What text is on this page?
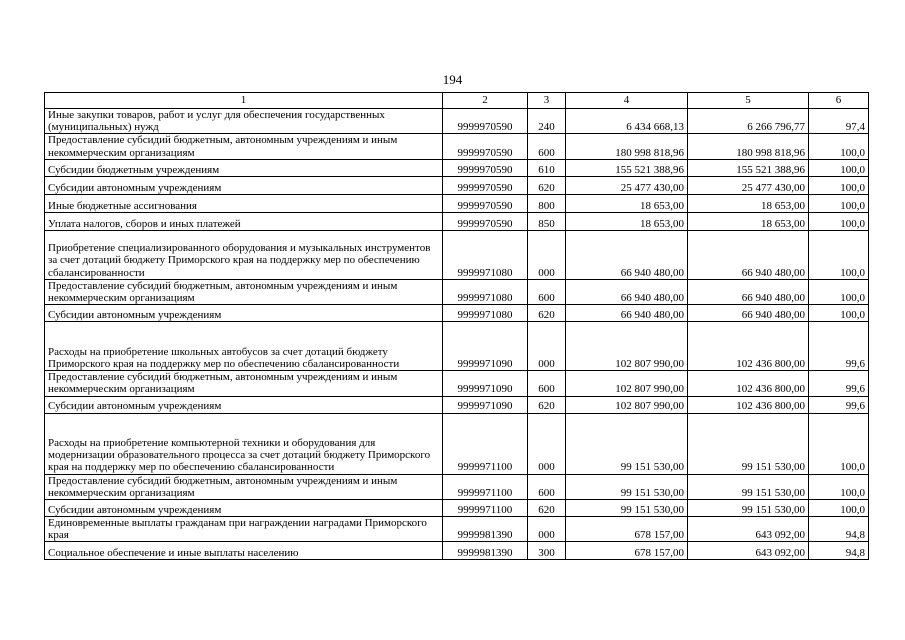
194
1	2	3	4	5	6
Иные закупки товаров, работ и услуг для обеспечения государственных (муниципальных) нужд	9999970590	240	6 434 668,13	6 266 796,77	97,4
Предоставление субсидий бюджетным, автономным учреждениям и иным некоммерческим организациям	9999970590	600	180 998 818,96	180 998 818,96	100,0
Субсидии бюджетным учреждениям	9999970590	610	155 521 388,96	155 521 388,96	100,0
Субсидии автономным учреждениям	9999970590	620	25 477 430,00	25 477 430,00	100,0
Иные бюджетные ассигнования	9999970590	800	18 653,00	18 653,00	100,0
Уплата налогов, сборов и иных платежей	9999970590	850	18 653,00	18 653,00	100,0
Приобретение специализированного оборудования и музыкальных инструментов за счет дотаций бюджету Приморского края на поддержку мер по обеспечению сбалансированности	9999971080	000	66 940 480,00	66 940 480,00	100,0
Предоставление субсидий бюджетным, автономным учреждениям и иным некоммерческим организациям	9999971080	600	66 940 480,00	66 940 480,00	100,0
Субсидии автономным учреждениям	9999971080	620	66 940 480,00	66 940 480,00	100,0
Расходы на приобретение школьных автобусов за счет дотаций бюджету Приморского края на поддержку мер по обеспечению сбалансированности	9999971090	000	102 807 990,00	102 436 800,00	99,6
Предоставление субсидий бюджетным, автономным учреждениям и иным некоммерческим организациям	9999971090	600	102 807 990,00	102 436 800,00	99,6
Субсидии автономным учреждениям	9999971090	620	102 807 990,00	102 436 800,00	99,6
Расходы на приобретение компьютерной техники и оборудования для модернизации образовательного процесса за счет дотаций бюджету Приморского края на поддержку мер по обеспечению сбалансированности	9999971100	000	99 151 530,00	99 151 530,00	100,0
Предоставление субсидий бюджетным, автономным учреждениям и иным некоммерческим организациям	9999971100	600	99 151 530,00	99 151 530,00	100,0
Субсидии автономным учреждениям	9999971100	620	99 151 530,00	99 151 530,00	100,0
Единовременные выплаты гражданам при награждении наградами Приморского края	9999981390	000	678 157,00	643 092,00	94,8
Социальное обеспечение и иные выплаты населению	9999981390	300	678 157,00	643 092,00	94,8
